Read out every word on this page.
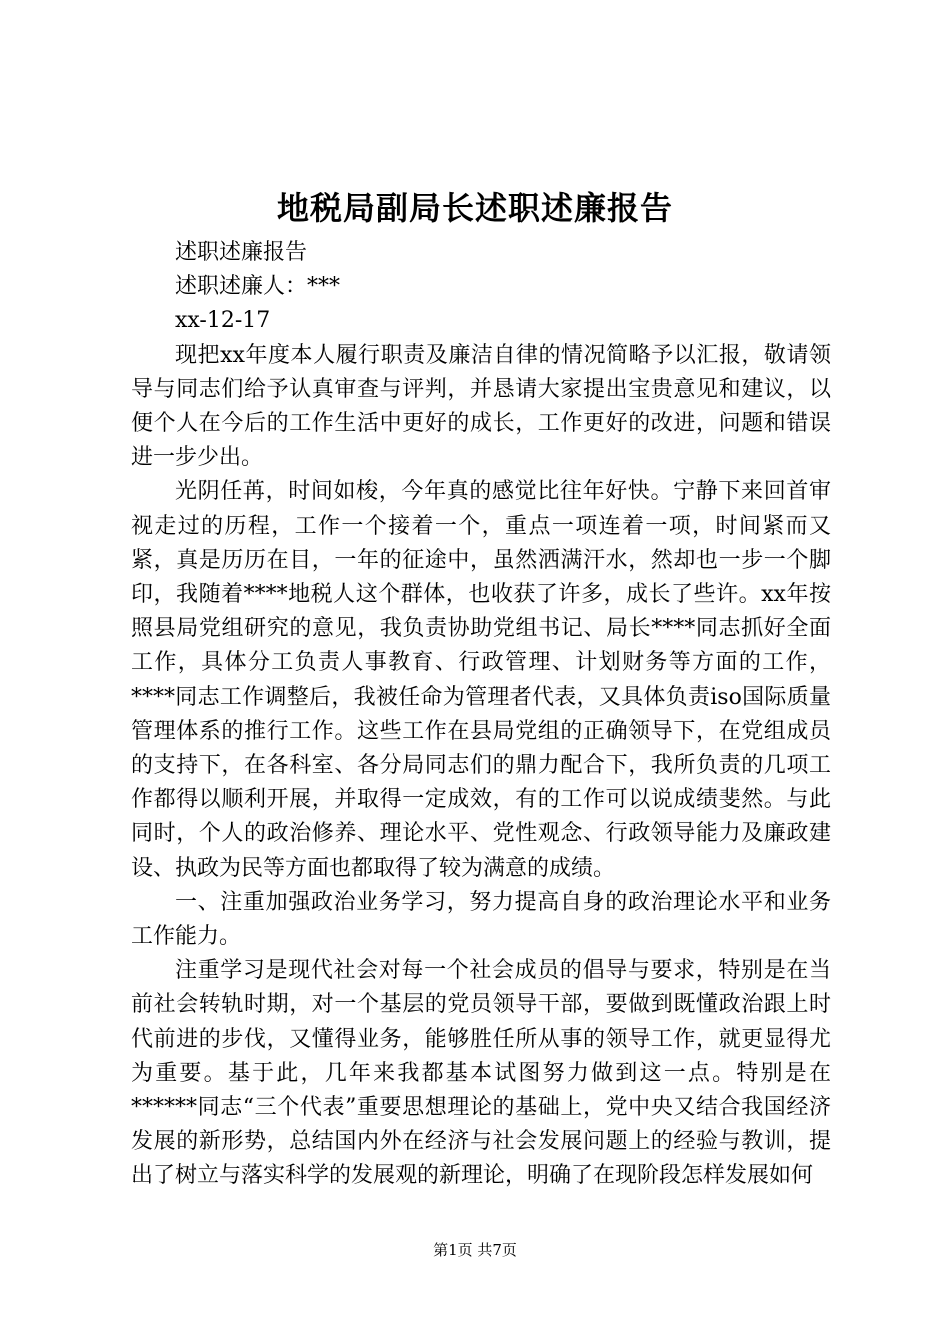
地税局副局长述职述廉报告

述职述廉报告

述职述廉人：***

xx-12-17

现把xx年度本人履行职责及廉洁自律的情况简略予以汇报，敬请领导与同志们给予认真审查与评判，并恳请大家提出宝贵意见和建议，以便个人在今后的工作生活中更好的成长，工作更好的改进，问题和错误进一步少出。

光阴任苒，时间如梭，今年真的感觉比往年好快。宁静下来回首审视走过的历程，工作一个接着一个，重点一项连着一项，时间紧而又紧，真是历历在目，一年的征途中，虽然洒满汗水，然却也一步一个脚印，我随着****地税人这个群体，也收获了许多，成长了些许。xx年按照县局党组研究的意见，我负责协助党组书记、局长****同志抓好全面工作，具体分工负责人事教育、行政管理、计划财务等方面的工作，****同志工作调整后，我被任命为管理者代表，又具体负责iso国际质量管理体系的推行工作。这些工作在县局党组的正确领导下，在党组成员的支持下，在各科室、各分局同志们的鼎力配合下，我所负责的几项工作都得以顺利开展，并取得一定成效，有的工作可以说成绩斐然。与此同时，个人的政治修养、理论水平、党性观念、行政领导能力及廉政建设、执政为民等方面也都取得了较为满意的成绩。

一、注重加强政治业务学习，努力提高自身的政治理论水平和业务工作能力。

注重学习是现代社会对每一个社会成员的倡导与要求，特别是在当前社会转轨时期，对一个基层的党员领导干部，要做到既懂政治跟上时代前进的步伐，又懂得业务，能够胜任所从事的领导工作，就更显得尤为重要。基于此，几年来我都基本试图努力做到这一点。特别是在******同志“三个代表”重要思想理论的基础上，党中央又结合我国经济发展的新形势，总结国内外在经济与社会发展问题上的经验与教训，提出了树立与落实科学的发展观的新理论，明确了在现阶段怎样发展如何

第1页 共7页
